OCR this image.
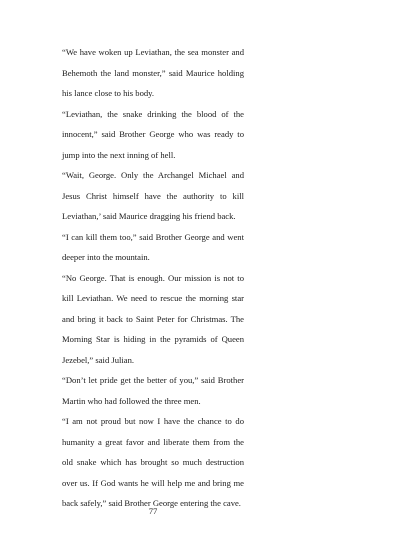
“We have woken up Leviathan, the sea monster and Behemoth the land monster,” said Maurice holding his lance close to his body.

“Leviathan, the snake drinking the blood of the innocent,” said Brother George who was ready to jump into the next inning of hell.

“Wait, George. Only the Archangel Michael and Jesus Christ himself have the authority to kill Leviathan,’ said Maurice dragging his friend back.

“I can kill them too,” said Brother George and went deeper into the mountain.

“No George. That is enough. Our mission is not to kill Leviathan. We need to rescue the morning star and bring it back to Saint Peter for Christmas. The Morning Star is hiding in the pyramids of Queen Jezebel,” said Julian.

“Don’t let pride get the better of you,” said Brother Martin who had followed the three men.

“I am not proud but now I have the chance to do humanity a great favor and liberate them from the old snake which has brought so much destruction over us. If God wants he will help me and bring me back safely,” said Brother George entering the cave.

77
